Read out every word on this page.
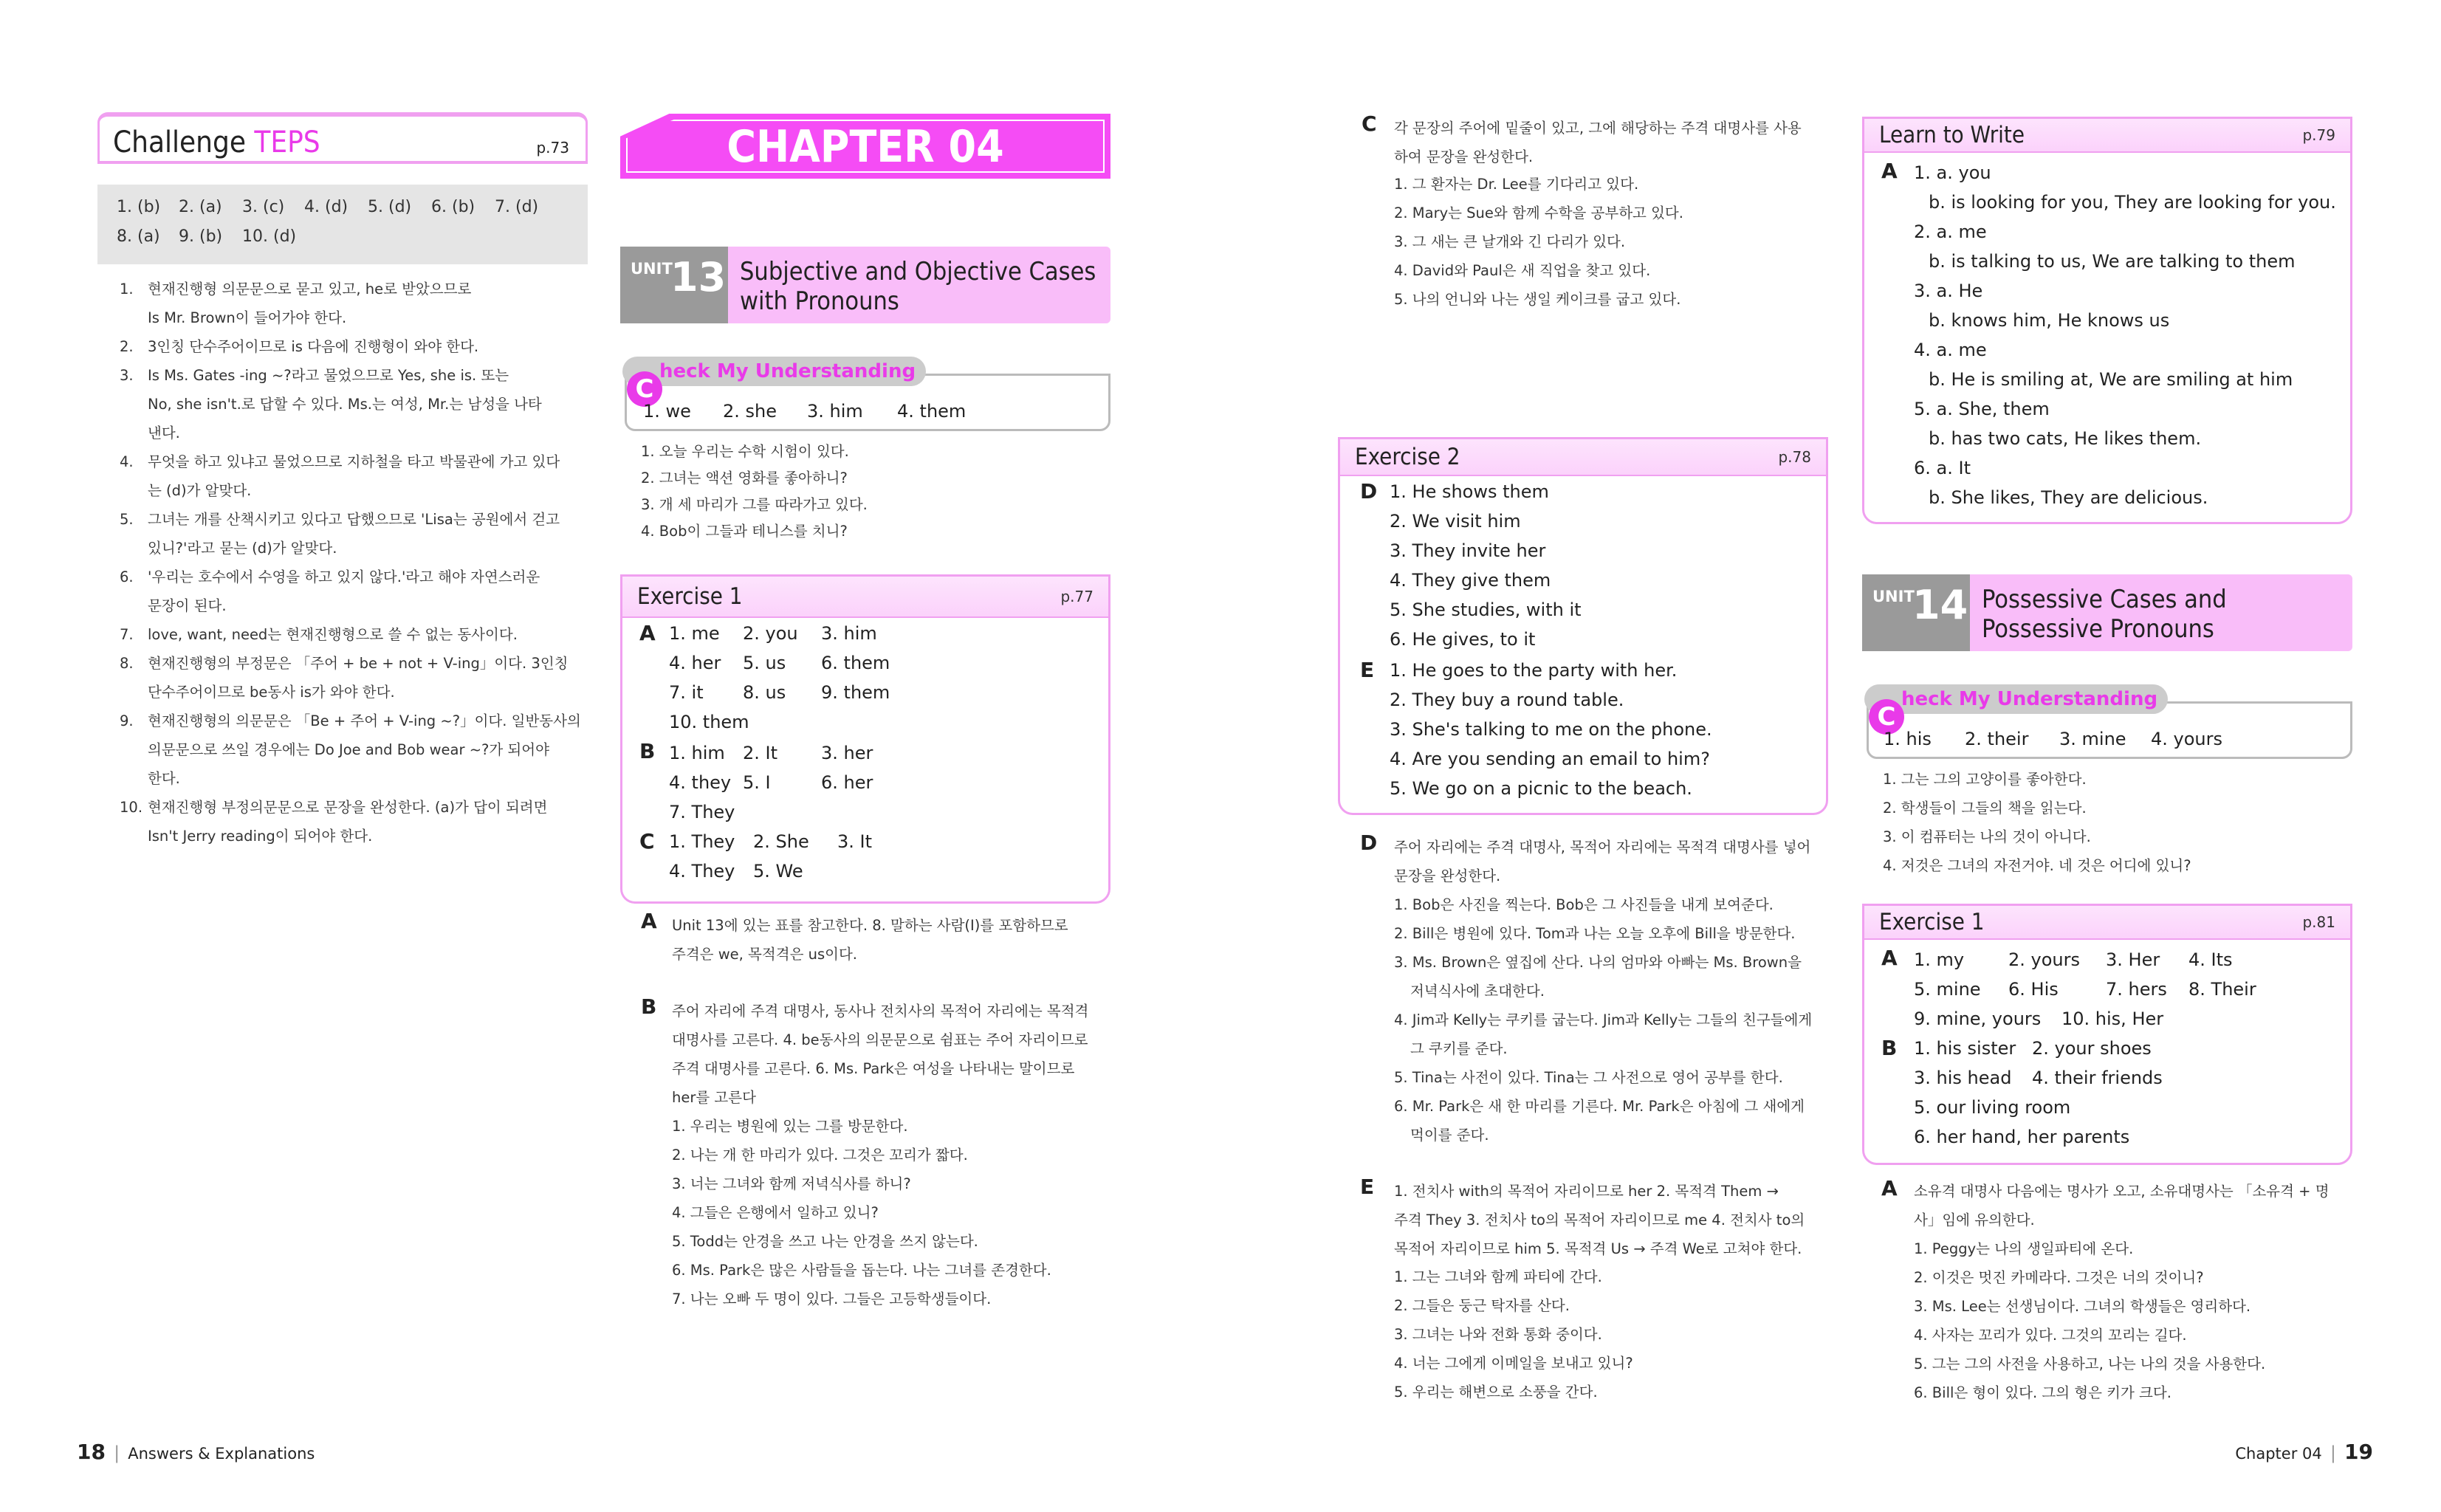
Challenge TEPS	p.73
1. (b) 2. (a) 3. (c) 4. (d) 5. (d) 6. (b) 7. (d)
8. (a) 9. (b) 10. (d)
1. 현재진행형 의문문으로 묻고 있고, he로 받았으므로
Is Mr. Brown이 들어가야 한다.
2. 3인칭 단수주어이므로 is 다음에 진행형이 와야 한다.
3. Is Ms. Gates -ing ~?라고 물었으므로 Yes, she is. 또는
No, she isn't.로 답할 수 있다. Ms.는 여성, Mr.는 남성을 나타
낸다.
4. 무엇을 하고 있냐고 물었으므로 지하철을 타고 박물관에 가고 있다
는 (d)가 알맞다.
5. 그녀는 개를 산책시키고 있다고 답했으므로 'Lisa는 공원에서 걷고
있니?'라고 묻는 (d)가 알맞다.
6. '우리는 호수에서 수영을 하고 있지 않다.'라고 해야 자연스러운
문장이 된다.
7. love, want, need는 현재진행형으로 쓸 수 없는 동사이다.
8. 현재진행형의 부정문은 「주어 + be + not + V-ing」이다. 3인칭
단수주어이므로 be동사 is가 와야 한다.
9. 현재진행형의 의문문은 「Be + 주어 + V-ing ~?」이다. 일반동사의
의문문으로 쓰일 경우에는 Do Joe and Bob wear ~?가 되어야
한다.
10. 현재진행형 부정의문문으로 문장을 완성한다. (a)가 답이 되려면
Isn't Jerry reading이 되어야 한다.
CHAPTER 04
UNIT
13 Subjective and Objective Cases
with Pronouns
heck My Understanding
C
1. we 2. she 3. him 4. them
1. 오늘 우리는 수학 시험이 있다.
2. 그녀는 액션 영화를 좋아하니?
3. 개 세 마리가 그를 따라가고 있다.
4. Bob이 그들과 테니스를 치니?
Exercise 1	p.77
A 1. me 2. you 3. him
4. her 5. us 6. them
7. it 8. us 9. them
10. them
B 1. him 2. It 3. her
4. they 5. I	6. her
7. They
C 1. They 2. She 3. It
4. They 5. We
A Unit 13에 있는 표를 참고한다. 8. 말하는 사람(I)를 포함하므로
주격은 we, 목적격은 us이다.
B 주어 자리에 주격 대명사, 동사나 전치사의 목적어 자리에는 목적격
대명사를 고른다. 4. be동사의 의문문으로 쉼표는 주어 자리이므로
주격 대명사를 고른다. 6. Ms. Park은 여성을 나타내는 말이므로
her를 고른다
1. 우리는 병원에 있는 그를 방문한다.
2. 나는 개 한 마리가 있다. 그것은 꼬리가 짧다.
3. 너는 그녀와 함께 저녁식사를 하니?
4. 그들은 은행에서 일하고 있니?
5. Todd는 안경을 쓰고 나는 안경을 쓰지 않는다.
6. Ms. Park은 많은 사람들을 돕는다. 나는 그녀를 존경한다.
7. 나는 오빠 두 명이 있다. 그들은 고등학생들이다.
C 각 문장의 주어에 밑줄이 있고, 그에 해당하는 주격 대명사를 사용
하여 문장을 완성한다.
1. 그 환자는 Dr. Lee를 기다리고 있다.
2. Mary는 Sue와 함께 수학을 공부하고 있다.
3. 그 새는 큰 날개와 긴 다리가 있다.
4. David와 Paul은 새 직업을 찾고 있다.
5. 나의 언니와 나는 생일 케이크를 굽고 있다.
Exercise 2	p.78
D 1. He shows them
2. We visit him
3. They invite her
4. They give them
5. She studies, with it
6. He gives, to it
E 1. He goes to the party with her.
2. They buy a round table.
3. She's talking to me on the phone.
4. Are you sending an email to him?
5. We go on a picnic to the beach.
D 주어 자리에는 주격 대명사, 목적어 자리에는 목적격 대명사를 넣어
문장을 완성한다.
1. Bob은 사진을 찍는다. Bob은 그 사진들을 내게 보여준다.
2. Bill은 병원에 있다. Tom과 나는 오늘 오후에 Bill을 방문한다.
3. Ms. Brown은 옆집에 산다. 나의 엄마와 아빠는 Ms. Brown을
저녁식사에 초대한다.
4. Jim과 Kelly는 쿠키를 굽는다. Jim과 Kelly는 그들의 친구들에게
그 쿠키를 준다.
5. Tina는 사전이 있다. Tina는 그 사전으로 영어 공부를 한다.
6. Mr. Park은 새 한 마리를 기른다. Mr. Park은 아침에 그 새에게
먹이를 준다.
E 1. 전치사 with의 목적어 자리이므로 her 2. 목적격 Them →
주격 They 3. 전치사 to의 목적어 자리이므로 me 4. 전치사 to의
목적어 자리이므로 him 5. 목적격 Us → 주격 We로 고쳐야 한다.
1. 그는 그녀와 함께 파티에 간다.
2. 그들은 둥근 탁자를 산다.
3. 그녀는 나와 전화 통화 중이다.
4. 너는 그에게 이메일을 보내고 있니?
5. 우리는 해변으로 소풍을 간다.
Learn to Write	p.79
A 1. a. you
b. is looking for you, They are looking for you.
2. a. me
b. is talking to us, We are talking to them
3. a. He
b. knows him, He knows us
4. a. me
b. He is smiling at, We are smiling at him
5. a. She, them
b. has two cats, He likes them.
6. a. It
b. She likes, They are delicious.
UNIT
14 Possessive Cases and
Possessive Pronouns
heck My Understanding
C
1. his 2. their 3. mine 4. yours
1. 그는 그의 고양이를 좋아한다.
2. 학생들이 그들의 책을 읽는다.
3. 이 컴퓨터는 나의 것이 아니다.
4. 저것은 그녀의 자전거야. 네 것은 어디에 있니?
Exercise 1	p.81
A 1. my 2. yours 3. Her 4. Its
5. mine 6. His	7. hers 8. Their
9. mine, yours 10. his, Her
B 1. his sister 2. your shoes
3. his head 4. their friends
5. our living room
6. her hand, her parents
A 소유격 대명사 다음에는 명사가 오고, 소유대명사는 「소유격 + 명
사」임에 유의한다.
1. Peggy는 나의 생일파티에 온다.
2. 이것은 멋진 카메라다. 그것은 너의 것이니?
3. Ms. Lee는 선생님이다. 그녀의 학생들은 영리하다.
4. 사자는 꼬리가 있다. 그것의 꼬리는 길다.
5. 그는 그의 사전을 사용하고, 나는 나의 것을 사용한다.
6. Bill은 형이 있다. 그의 형은 키가 크다.
18 | Answers & Explanations	Chapter 04 | 19
